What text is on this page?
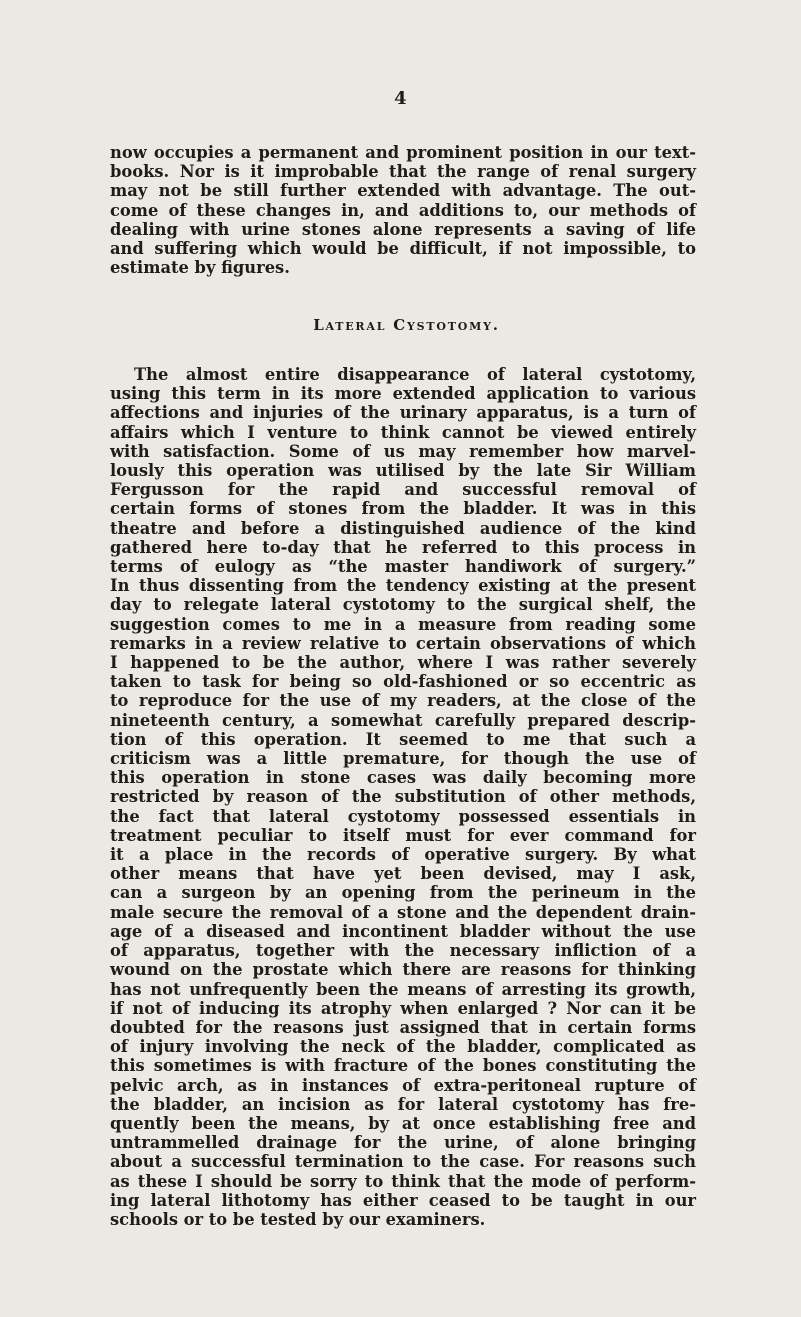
4
now occupies a permanent and prominent position in our text-
books. Nor is it improbable that the range of renal surgery
may not be still further extended with advantage. The out-
come of these changes in, and additions to, our methods of
dealing with urine stones alone represents a saving of life
and suffering which would be difficult, if not impossible, to
estimate by figures.
Lateral Cystotomy.
The almost entire disappearance of lateral cystotomy,
using this term in its more extended application to various
affections and injuries of the urinary apparatus, is a turn of
affairs which I venture to think cannot be viewed entirely
with satisfaction. Some of us may remember how marvel-
lously this operation was utilised by the late Sir William
Fergusson for the rapid and successful removal of
certain forms of stones from the bladder. It was in this
theatre and before a distinguished audience of the kind
gathered here to-day that he referred to this process in
terms of eulogy as “the master handiwork of surgery.”
In thus dissenting from the tendency existing at the present
day to relegate lateral cystotomy to the surgical shelf, the
suggestion comes to me in a measure from reading some
remarks in a review relative to certain observations of which
I happened to be the author, where I was rather severely
taken to task for being so old-fashioned or so eccentric as
to reproduce for the use of my readers, at the close of the
nineteenth century, a somewhat carefully prepared descrip-
tion of this operation. It seemed to me that such a
criticism was a little premature, for though the use of
this operation in stone cases was daily becoming more
restricted by reason of the substitution of other methods,
the fact that lateral cystotomy possessed essentials in
treatment peculiar to itself must for ever command for
it a place in the records of operative surgery. By what
other means that have yet been devised, may I ask,
can a surgeon by an opening from the perineum in the
male secure the removal of a stone and the dependent drain-
age of a diseased and incontinent bladder without the use
of apparatus, together with the necessary infliction of a
wound on the prostate which there are reasons for thinking
has not unfrequently been the means of arresting its growth,
if not of inducing its atrophy when enlarged ? Nor can it be
doubted for the reasons just assigned that in certain forms
of injury involving the neck of the bladder, complicated as
this sometimes is with fracture of the bones constituting the
pelvic arch, as in instances of extra-peritoneal rupture of
the bladder, an incision as for lateral cystotomy has fre-
quently been the means, by at once establishing free and
untrammelled drainage for the urine, of alone bringing
about a successful termination to the case. For reasons such
as these I should be sorry to think that the mode of perform-
ing lateral lithotomy has either ceased to be taught in our
schools or to be tested by our examiners.
